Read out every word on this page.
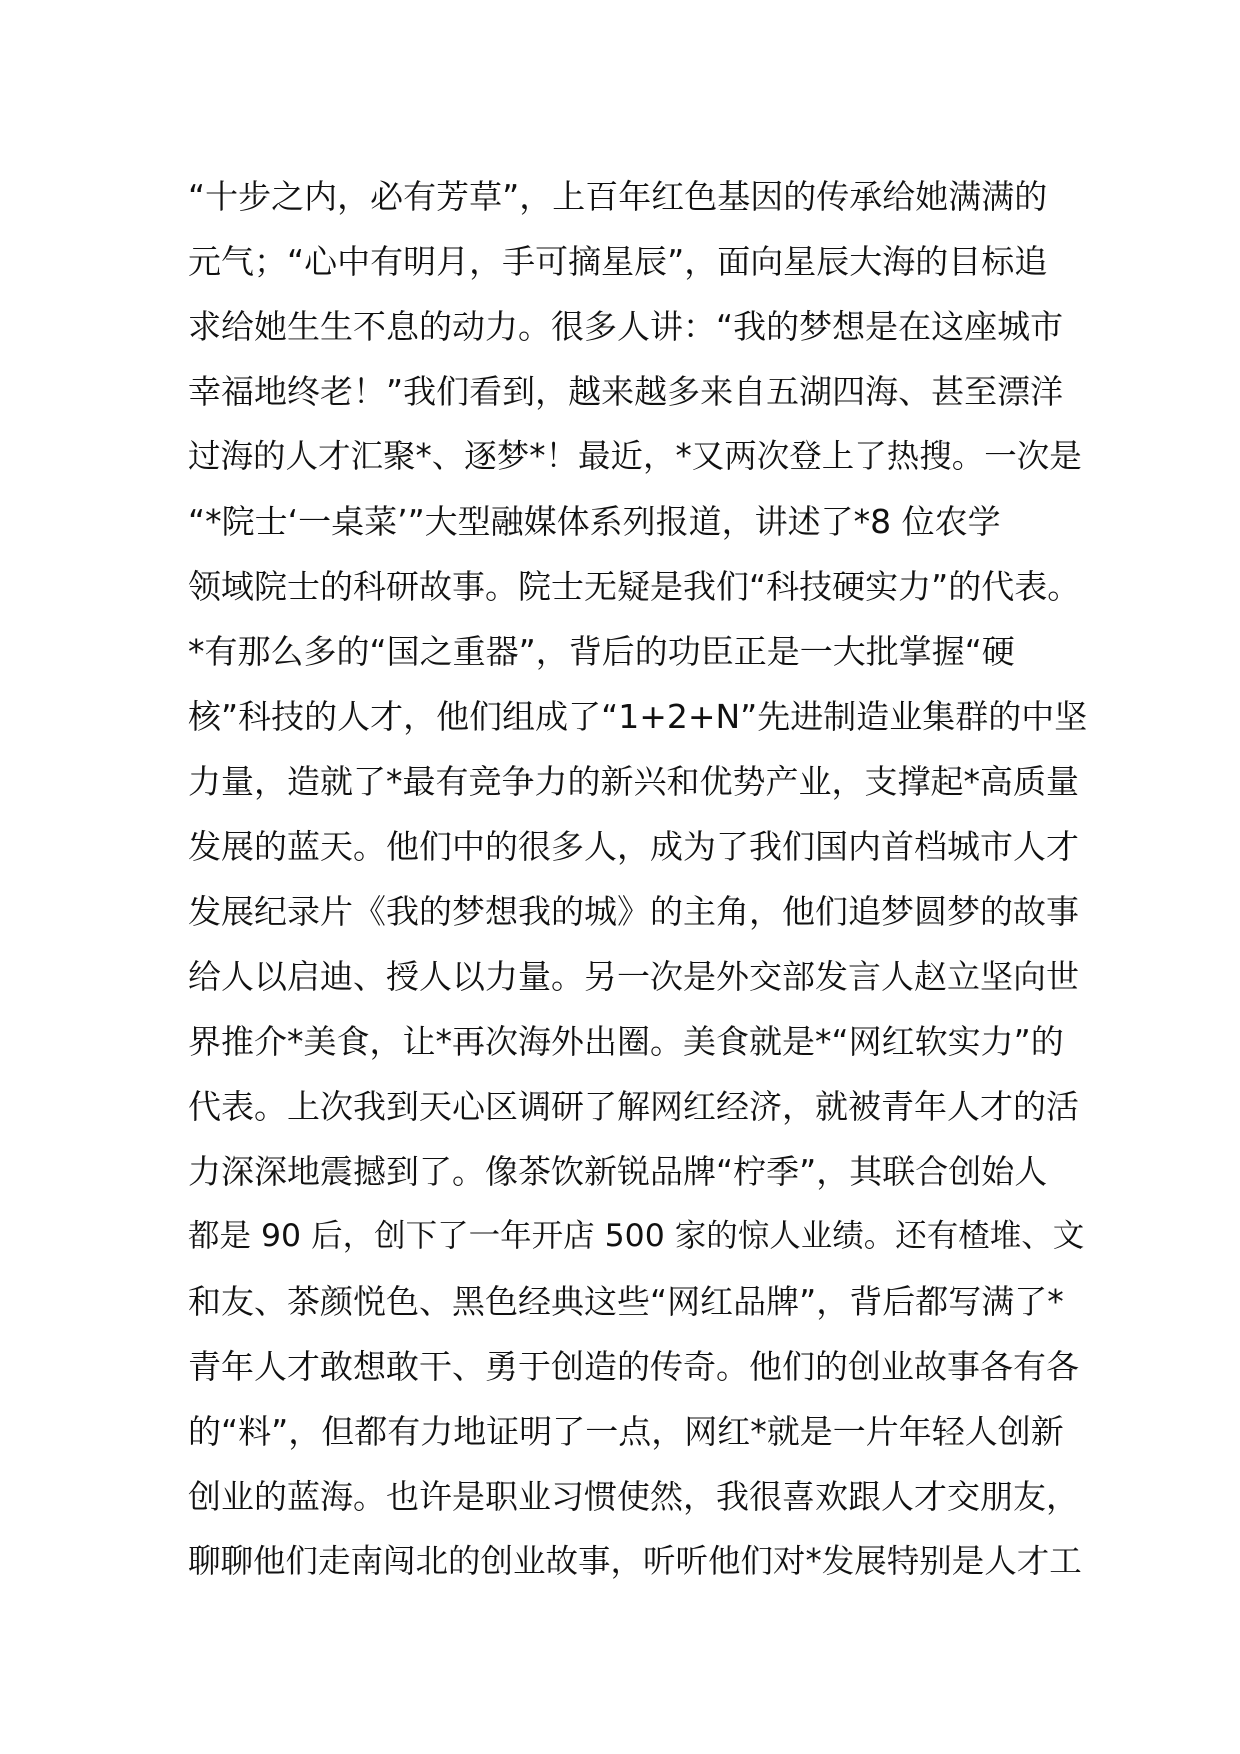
“十步之内，必有芳草”，上百年红色基因的传承给她满满的
元气；“心中有明月，手可摘星辰”，面向星辰大海的目标追
求给她生生不息的动力。很多人讲：“我的梦想是在这座城市
幸福地终老！”我们看到，越来越多来自五湖四海、甚至漂洋
过海的人才汇聚*、逐梦*！最近，*又两次登上了热搜。一次是
“*院士‘一桌菜’”大型融媒体系列报道，讲述了*8 位农学
领域院士的科研故事。院士无疑是我们“科技硬实力”的代表。
*有那么多的“国之重器”，背后的功臣正是一大批掌握“硬
核”科技的人才，他们组成了“1+2+N”先进制造业集群的中坚
力量，造就了*最有竞争力的新兴和优势产业，支撑起*高质量
发展的蓝天。他们中的很多人，成为了我们国内首档城市人才
发展纪录片《我的梦想我的城》的主角，他们追梦圆梦的故事
给人以启迪、授人以力量。另一次是外交部发言人赵立坚向世
界推介*美食，让*再次海外出圈。美食就是*“网红软实力”的
代表。上次我到天心区调研了解网红经济，就被青年人才的活
力深深地震撼到了。像茶饮新锐品牌“柠季”，其联合创始人
都是 90 后，创下了一年开店 500 家的惊人业绩。还有楂堆、文
和友、茶颜悦色、黑色经典这些“网红品牌”，背后都写满了*
青年人才敢想敢干、勇于创造的传奇。他们的创业故事各有各
的“料”，但都有力地证明了一点，网红*就是一片年轻人创新
创业的蓝海。也许是职业习惯使然，我很喜欢跟人才交朋友，
聊聊他们走南闯北的创业故事，听听他们对*发展特别是人才工
